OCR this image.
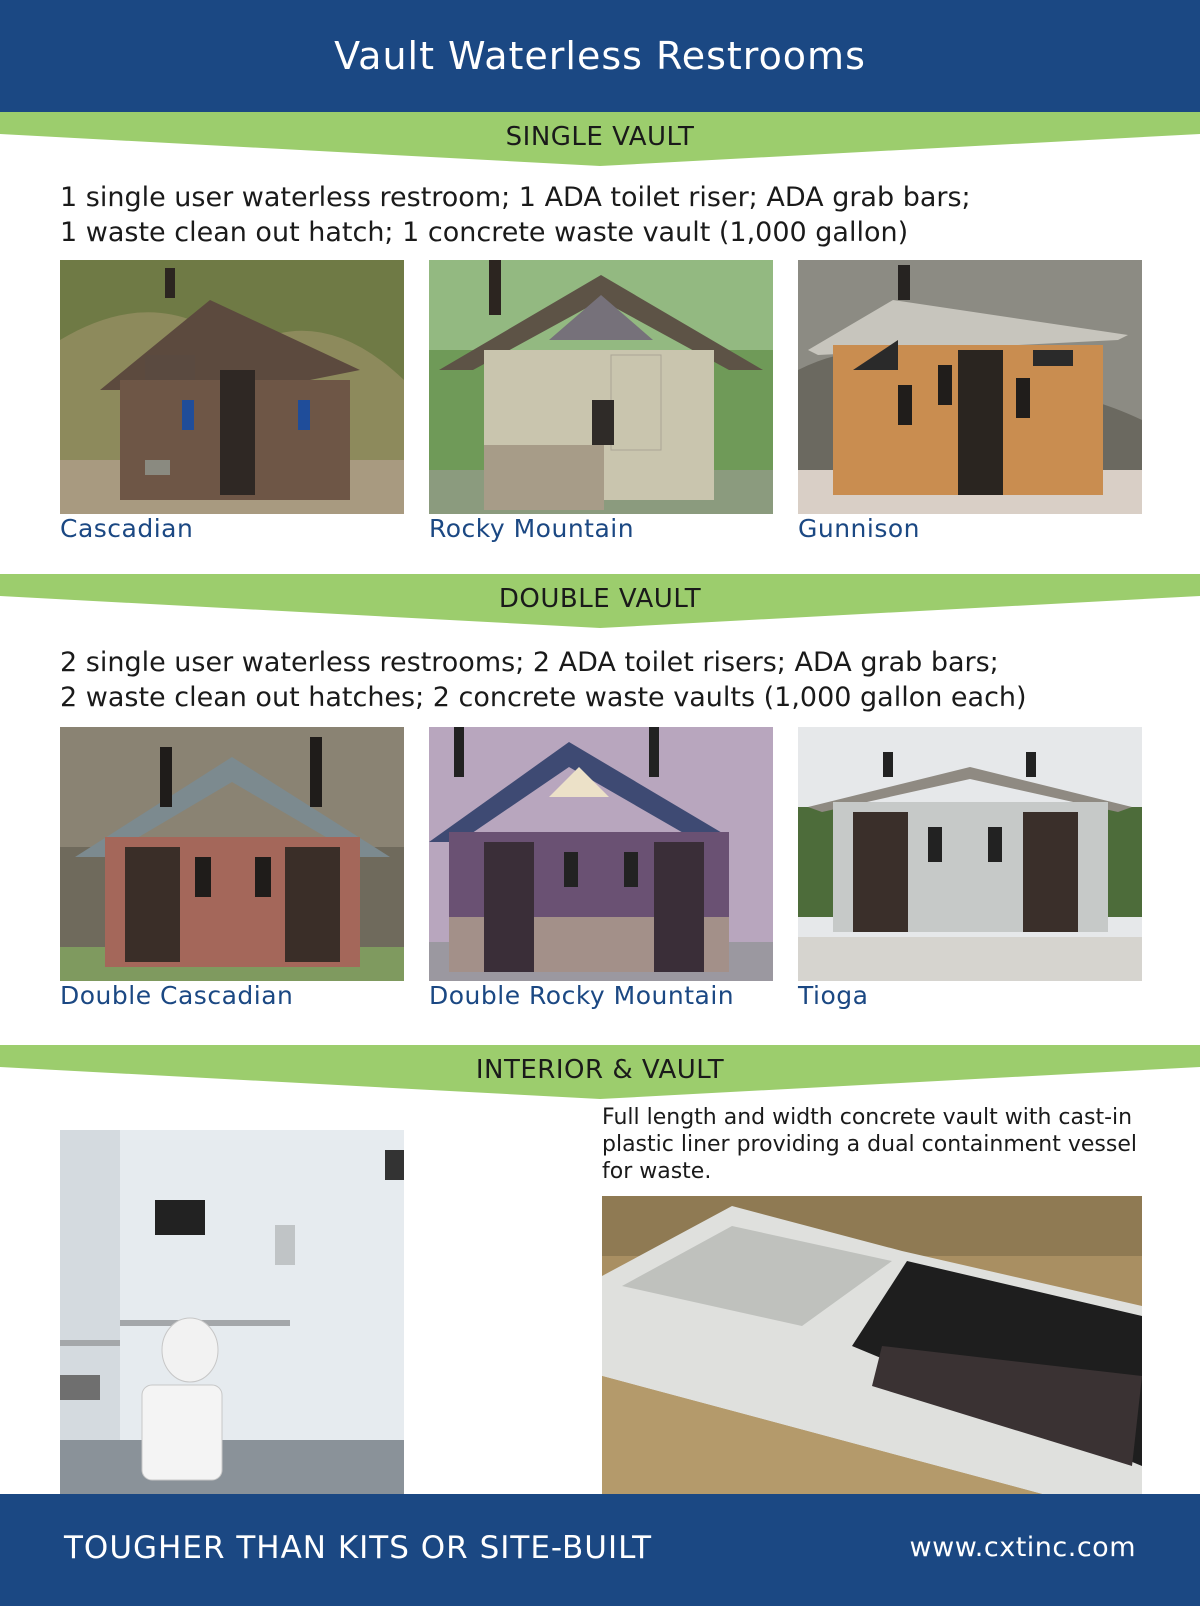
Vault Waterless Restrooms
SINGLE VAULT
1 single user waterless restroom; 1 ADA toilet riser; ADA grab bars;
1 waste clean out hatch; 1 concrete waste vault (1,000 gallon)
Cascadian	Rocky Mountain	Gunnison
DOUBLE VAULT
2 single user waterless restrooms; 2 ADA toilet risers; ADA grab bars;
2 waste clean out hatches; 2 concrete waste vaults (1,000 gallon each)
Double Cascadian	Double Rocky Mountain	Tioga
INTERIOR & VAULT
Full length and width concrete vault with cast-in plastic liner providing a dual containment vessel for waste.
TOUGHER THAN KITS OR SITE-BUILT	www.cxtinc.com
